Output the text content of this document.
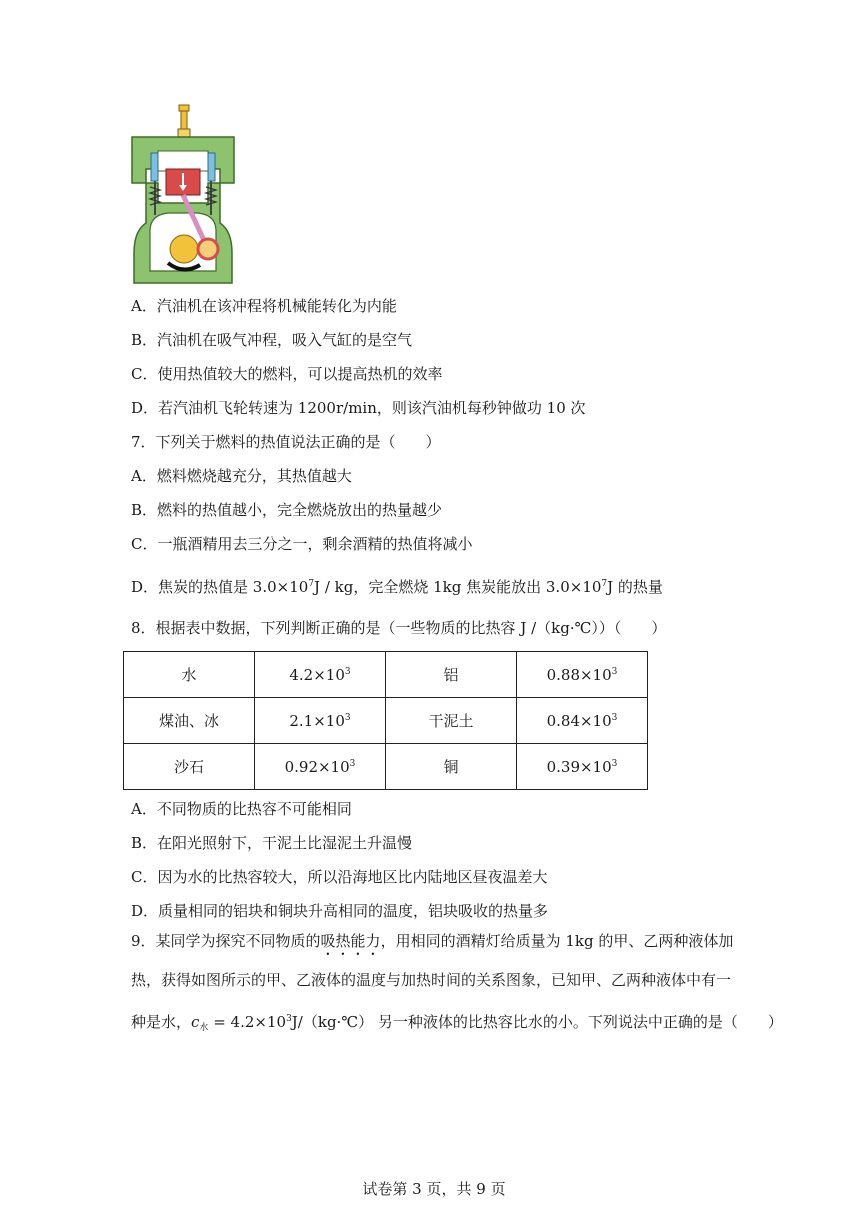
A．汽油机在该冲程将机械能转化为内能
B．汽油机在吸气冲程，吸入气缸的是空气
C．使用热值较大的燃料，可以提高热机的效率
D．若汽油机飞轮转速为 1200r/min，则该汽油机每秒钟做功 10 次
7．下列关于燃料的热值说法正确的是（　　）
A．燃料燃烧越充分，其热值越大
B．燃料的热值越小，完全燃烧放出的热量越少
C．一瓶酒精用去三分之一，剩余酒精的热值将减小
D．焦炭的热值是 $3.0\times 10^7J$ / kg，完全燃烧 1kg 焦炭能放出 $3.0\times 10^7J$ 的热量
8．根据表中数据，下列判断正确的是（一些物质的比热容 J /（kg·℃））（　　）
水	$4.2\times 10^3$	铝	$0.88\times 10^3$
煤油、冰	$2.1\times 10^3$	干泥土	$0.84\times 10^3$
沙石	$0.92\times 10^3$	铜	$0.39\times 10^3$
A．不同物质的比热容不可能相同
B．在阳光照射下，干泥土比湿泥土升温慢
C．因为水的比热容较大，所以沿海地区比内陆地区昼夜温差大
D．质量相同的铝块和铜块升高相同的温度，铝块吸收的热量多
9．某同学为探究不同物质的吸热能力，用相同的酒精灯给质量为 1kg 的甲、乙两种液体加
热，获得如图所示的甲、乙液体的温度与加热时间的关系图象，已知甲、乙两种液体中有一
种是水，$c_水$ = $4.2\times 10^3J/(kg\cdot℃)$ 另一种液体的比热容比水的小。下列说法中正确的是（　　）
试卷第 3 页，共 9 页
